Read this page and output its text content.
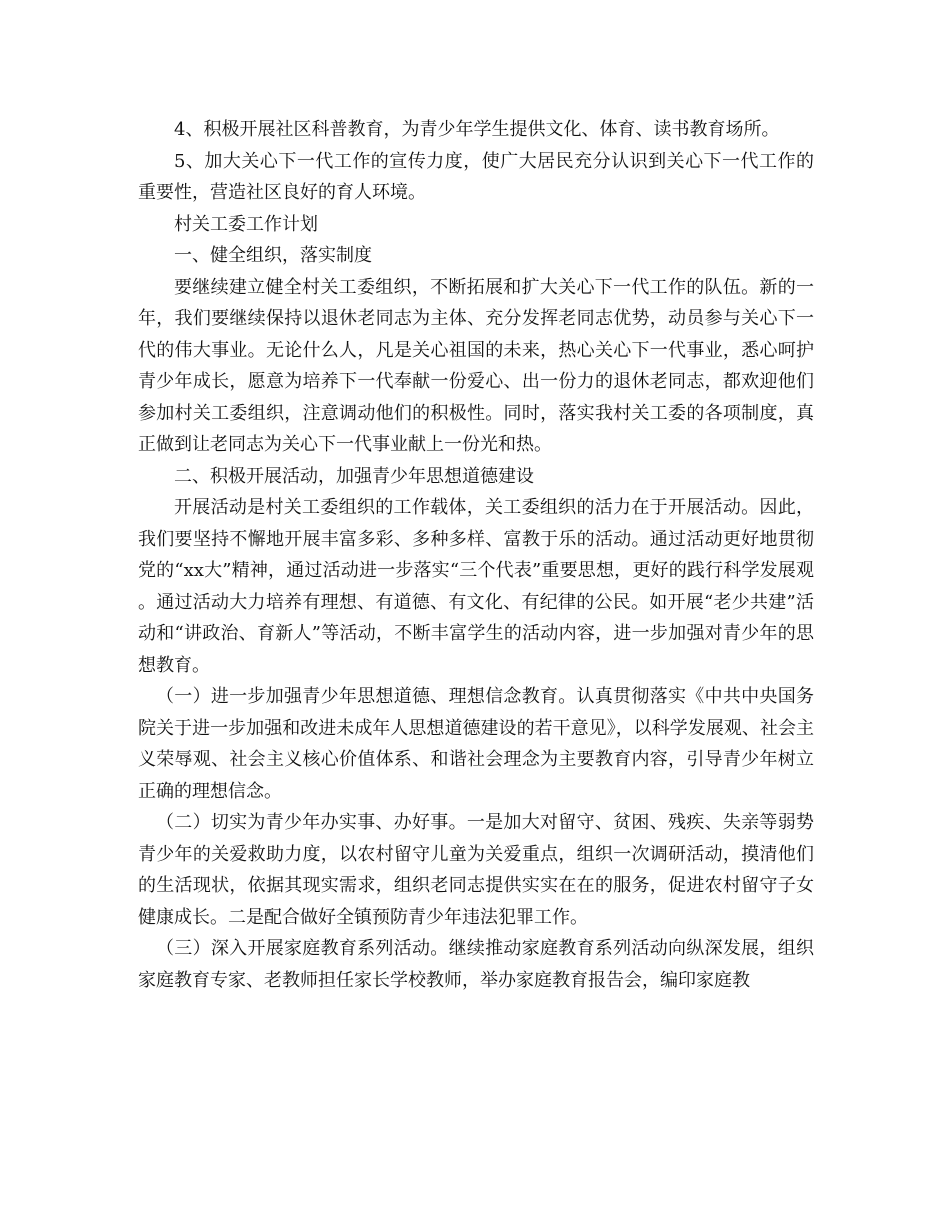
4、积极开展社区科普教育，为青少年学生提供文化、体育、读书教育场所。

5、加大关心下一代工作的宣传力度，使广大居民充分认识到关心下一代工作的重要性，营造社区良好的育人环境。

村关工委工作计划

一、健全组织，落实制度

要继续建立健全村关工委组织，不断拓展和扩大关心下一代工作的队伍。新的一年，我们要继续保持以退休老同志为主体、充分发挥老同志优势，动员参与关心下一代的伟大事业。无论什么人，凡是关心祖国的未来，热心关心下一代事业，悉心呵护青少年成长，愿意为培养下一代奉献一份爱心、出一份力的退休老同志，都欢迎他们参加村关工委组织，注意调动他们的积极性。同时，落实我村关工委的各项制度，真正做到让老同志为关心下一代事业献上一份光和热。

二、积极开展活动，加强青少年思想道德建设

开展活动是村关工委组织的工作载体，关工委组织的活力在于开展活动。因此，我们要坚持不懈地开展丰富多彩、多种多样、富教于乐的活动。通过活动更好地贯彻党的“xx大”精神，通过活动进一步落实“三个代表”重要思想，更好的践行科学发展观。通过活动大力培养有理想、有道德、有文化、有纪律的公民。如开展“老少共建”活动和“讲政治、育新人”等活动，不断丰富学生的活动内容，进一步加强对青少年的思想教育。

（一）进一步加强青少年思想道德、理想信念教育。认真贯彻落实《中共中央国务院关于进一步加强和改进未成年人思想道德建设的若干意见》，以科学发展观、社会主义荣辱观、社会主义核心价值体系、和谐社会理念为主要教育内容，引导青少年树立正确的理想信念。

（二）切实为青少年办实事、办好事。一是加大对留守、贫困、残疾、失亲等弱势青少年的关爱救助力度，以农村留守儿童为关爱重点，组织一次调研活动，摸清他们的生活现状，依据其现实需求，组织老同志提供实实在在的服务，促进农村留守子女健康成长。二是配合做好全镇预防青少年违法犯罪工作。

（三）深入开展家庭教育系列活动。继续推动家庭教育系列活动向纵深发展，组织家庭教育专家、老教师担任家长学校教师，举办家庭教育报告会，编印家庭教
